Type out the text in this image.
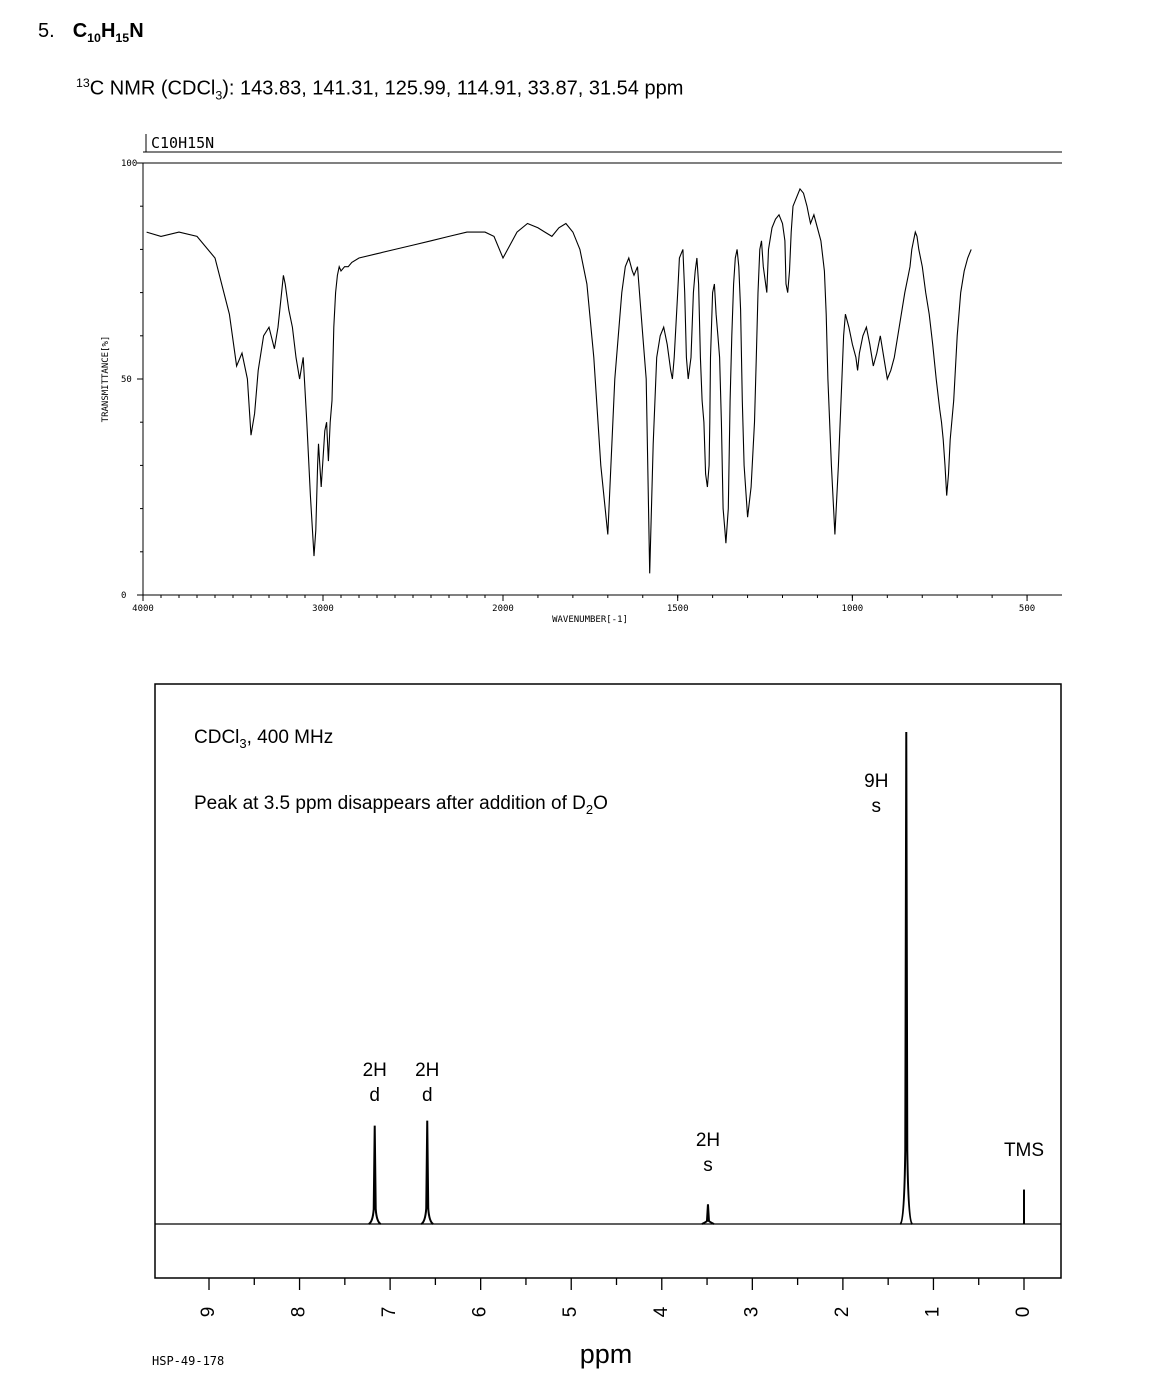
5. $C_{10}H_{15}N$
$^{13}$C NMR (CDCl$_3$): 143.83, 141.31, 125.99, 114.91, 33.87, 31.54 ppm
C10H15N
4000	3000	2000	1500	1000	500
0
50
100
WAVENUMBER[-1]
TRANSMITTANCE[%]
CDCl$_3$, 400 MHz
Peak at 3.5 ppm disappears after addition of $D_2O$
9	8	7	6	5	4	3	2	1	0
ppm
2H
d
2H
d
2H
s
9H
s
TMS
HSP-49-178
